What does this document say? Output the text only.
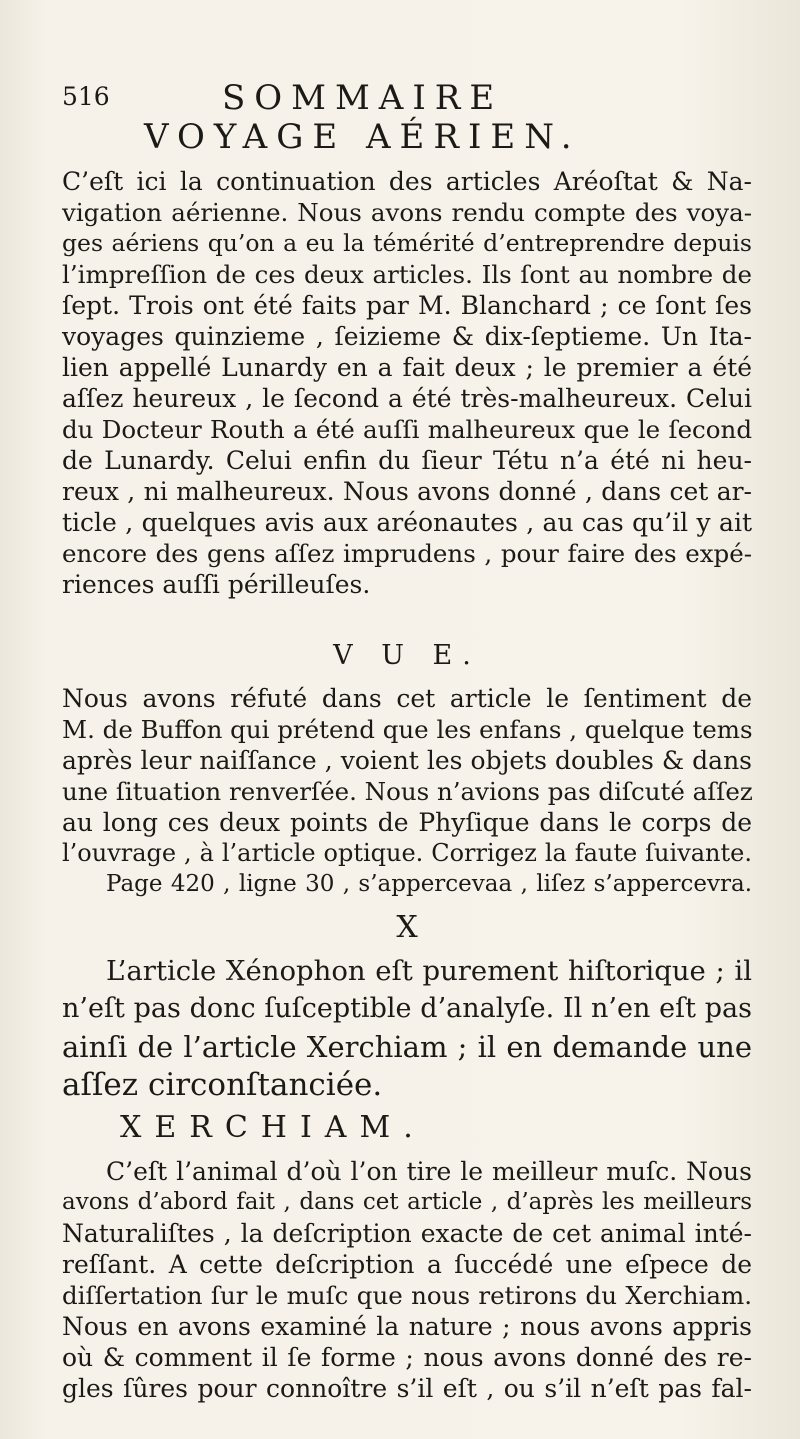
516	SOMMAIRE
VOYAGE AÉRIEN.
C’eſt ici la continuation des articles Aréoſtat & Na-
vigation aérienne. Nous avons rendu compte des voya-
ges aériens qu’on a eu la témérité d’entreprendre depuis
l’impreſſion de ces deux articles. Ils ſont au nombre de
ſept. Trois ont été faits par M. Blanchard ; ce ſont ſes
voyages quinzieme , ſeizieme & dix-ſeptieme. Un Ita-
lien appellé Lunardy en a fait deux ; le premier a été
aſſez heureux , le ſecond a été très-malheureux. Celui
du Docteur Routh a été auſſi malheureux que le ſecond
de Lunardy. Celui enfin du ſieur Tétu n’a été ni heu-
reux , ni malheureux. Nous avons donné , dans cet ar-
ticle , quelques avis aux aréonautes , au cas qu’il y ait
encore des gens aſſez imprudens , pour faire des expé-
riences auſſi périlleuſes.
V U E.
Nous avons réfuté dans cet article le ſentiment de
M. de Buffon qui prétend que les enfans , quelque tems
après leur naiſſance , voient les objets doubles & dans
une ſituation renverſée. Nous n’avions pas diſcuté aſſez
au long ces deux points de Phyſique dans le corps de
l’ouvrage , à l’article optique. Corrigez la faute ſuivante.
Page 420 , ligne 30 , s’appercevaa , liſez s’appercevra.
X
L’article Xénophon eſt purement hiſtorique ; il
n’eſt pas donc ſuſceptible d’analyſe. Il n’en eſt pas
ainſi de l’article Xerchiam ; il en demande une
aſſez circonſtanciée.
XERCHIAM.
C’eſt l’animal d’où l’on tire le meilleur muſc. Nous
avons d’abord fait , dans cet article , d’après les meilleurs
Naturaliſtes , la deſcription exacte de cet animal inté-
reſſant. A cette deſcription a ſuccédé une eſpece de
diſſertation ſur le muſc que nous retirons du Xerchiam.
Nous en avons examiné la nature ; nous avons appris
où & comment il ſe forme ; nous avons donné des re-
gles ſûres pour connoître s’il eſt , ou s’il n’eſt pas fal-
